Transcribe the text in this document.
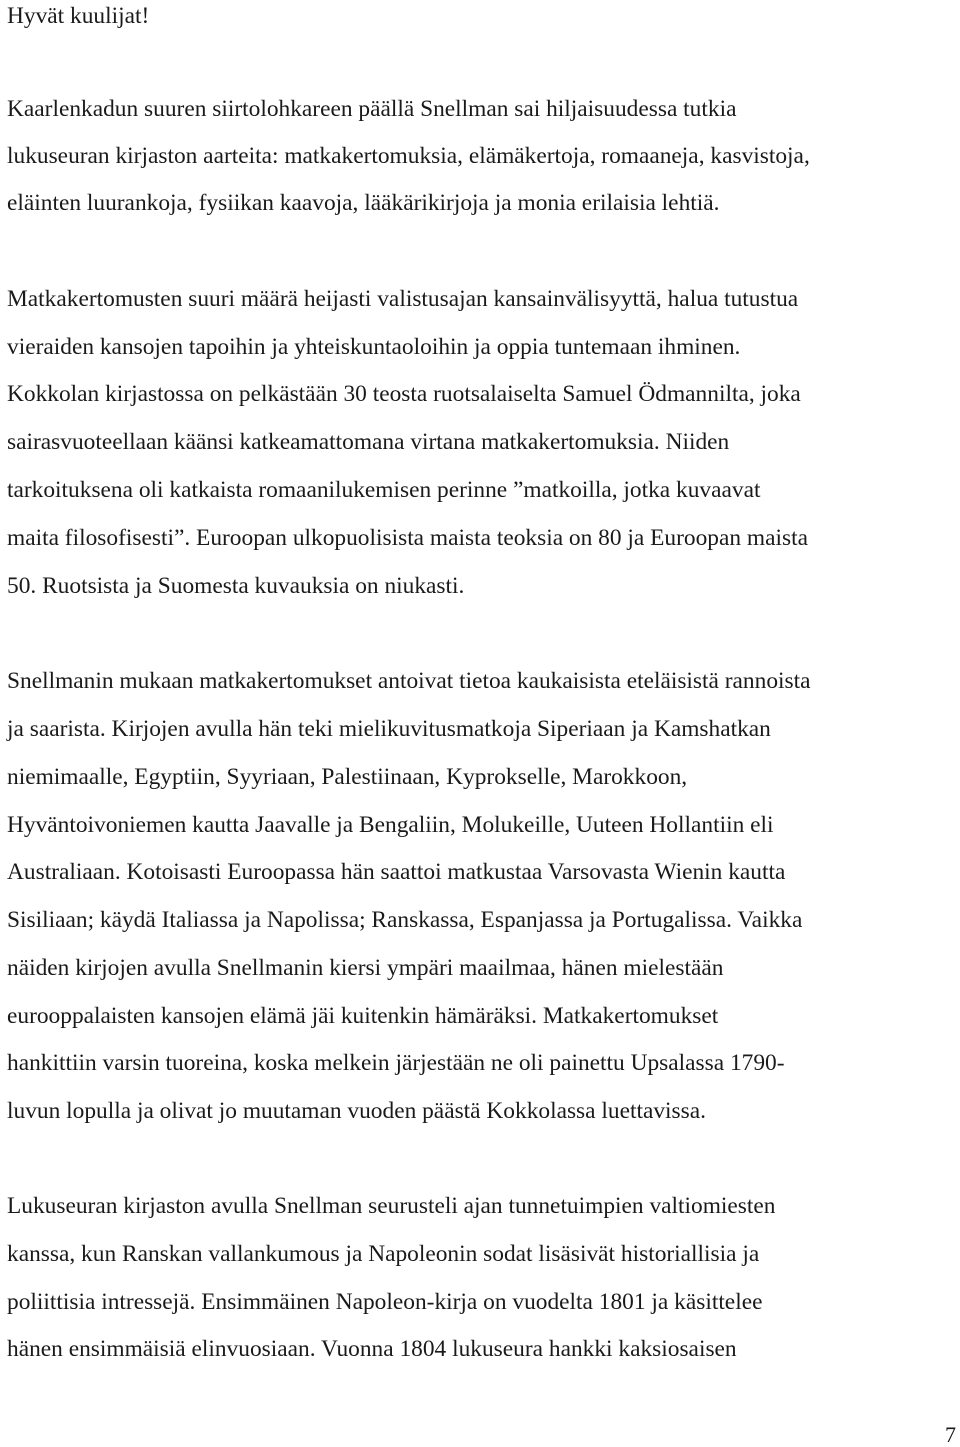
Hyvät kuulijat!
Kaarlenkadun suuren siirtolohkareen päällä Snellman sai hiljaisuudessa tutkia
lukuseuran kirjaston aarteita: matkakertomuksia, elämäkertoja, romaaneja, kasvistoja,
eläinten luurankoja, fysiikan kaavoja, lääkärikirjoja ja monia erilaisia lehtiä.
Matkakertomusten suuri määrä heijasti valistusajan kansainvälisyyttä, halua tutustua
vieraiden kansojen tapoihin ja yhteiskuntaoloihin ja oppia tuntemaan ihminen.
Kokkolan kirjastossa on pelkästään 30 teosta ruotsalaiselta Samuel Ödmannilta, joka
sairasvuoteellaan käänsi katkeamattomana virtana matkakertomuksia. Niiden
tarkoituksena oli katkaista romaanilukemisen perinne ”matkoilla, jotka kuvaavat
maita filosofisesti”. Euroopan ulkopuolisista maista teoksia on 80 ja Euroopan maista
50. Ruotsista ja Suomesta kuvauksia on niukasti.
Snellmanin mukaan matkakertomukset antoivat tietoa kaukaisista eteläisistä rannoista
ja saarista. Kirjojen avulla hän teki mielikuvitusmatkoja Siperiaan ja Kamshatkan
niemimaalle, Egyptiin, Syyriaan, Palestiinaan, Kyprokselle, Marokkoon,
Hyväntoivoniemen kautta Jaavalle ja Bengaliin, Molukeille, Uuteen Hollantiin eli
Australiaan. Kotoisasti Euroopassa hän saattoi matkustaa Varsovasta Wienin kautta
Sisiliaan; käydä Italiassa ja Napolissa; Ranskassa, Espanjassa ja Portugalissa. Vaikka
näiden kirjojen avulla Snellmanin kiersi ympäri maailmaa, hänen mielestään
eurooppalaisten kansojen elämä jäi kuitenkin hämäräksi. Matkakertomukset
hankittiin varsin tuoreina, koska melkein järjestään ne oli painettu Upsalassa 1790-
luvun lopulla ja olivat jo muutaman vuoden päästä Kokkolassa luettavissa.
Lukuseuran kirjaston avulla Snellman seurusteli ajan tunnetuimpien valtiomiesten
kanssa, kun Ranskan vallankumous ja Napoleonin sodat lisäsivät historiallisia ja
poliittisia intressejä. Ensimmäinen Napoleon-kirja on vuodelta 1801 ja käsittelee
hänen ensimmäisiä elinvuosiaan. Vuonna 1804 lukuseura hankki kaksiosaisen
7
